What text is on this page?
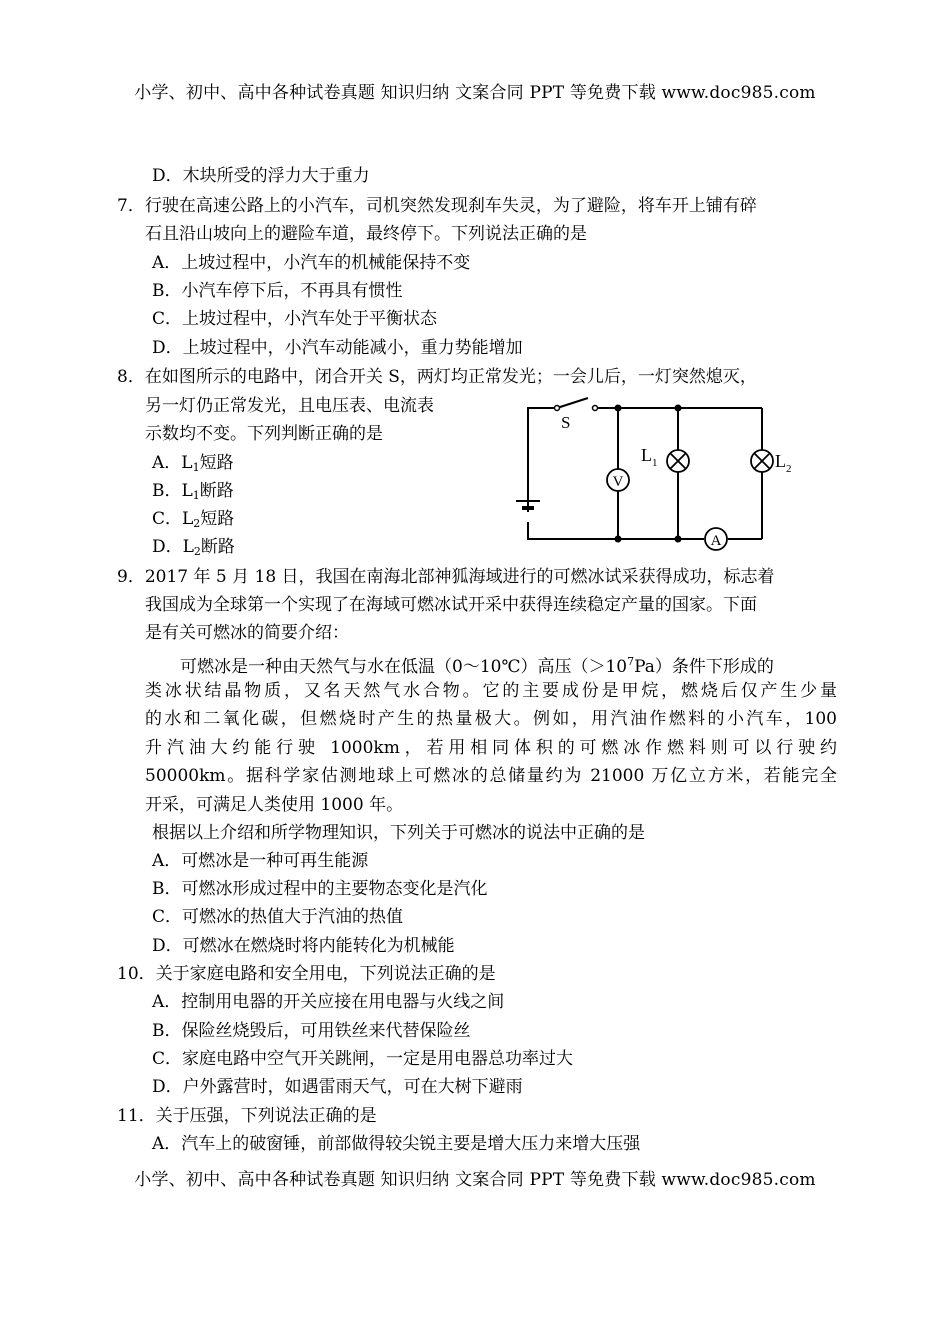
小学、初中、高中各种试卷真题 知识归纳 文案合同 PPT 等免费下载 www.doc985.com
D．木块所受的浮力大于重力
7．行驶在高速公路上的小汽车，司机突然发现刹车失灵，为了避险，将车开上铺有碎
石且沿山坡向上的避险车道，最终停下。下列说法正确的是
A．上坡过程中，小汽车的机械能保持不变
B．小汽车停下后，不再具有惯性
C．上坡过程中，小汽车处于平衡状态
D．上坡过程中，小汽车动能减小，重力势能增加
8．在如图所示的电路中，闭合开关 S，两灯均正常发光；一会儿后，一灯突然熄灭，
另一灯仍正常发光，且电压表、电流表
示数均不变。下列判断正确的是
A．$L_1$短路
B．$L_1$断路
C．$L_2$短路
D．$L_2$断路
V
A
S
$L_1$	$L_2$
9．2017 年 5 月 18 日，我国在南海北部神狐海域进行的可燃冰试采获得成功，标志着
我国成为全球第一个实现了在海域可燃冰试开采中获得连续稳定产量的国家。下面
是有关可燃冰的简要介绍：
可燃冰是一种由天然气与水在低温（0～10℃）高压$(>10^7Pa)$条件下形成的
类冰状结晶物质，又名天然气水合物。它的主要成份是甲烷，燃烧后仅产生少量
的水和二氧化碳，但燃烧时产生的热量极大。例如，用汽油作燃料的小汽车，100
升汽油大约能行驶 1000km，若用相同体积的可燃冰作燃料则可以行驶约
50000km。据科学家估测地球上可燃冰的总储量约为 21000 万亿立方米，若能完全
开采，可满足人类使用 1000 年。
根据以上介绍和所学物理知识，下列关于可燃冰的说法中正确的是
A．可燃冰是一种可再生能源
B．可燃冰形成过程中的主要物态变化是汽化
C．可燃冰的热值大于汽油的热值
D．可燃冰在燃烧时将内能转化为机械能
10．关于家庭电路和安全用电，下列说法正确的是
A．控制用电器的开关应接在用电器与火线之间
B．保险丝烧毁后，可用铁丝来代替保险丝
C．家庭电路中空气开关跳闸，一定是用电器总功率过大
D．户外露营时，如遇雷雨天气，可在大树下避雨
11．关于压强，下列说法正确的是
A．汽车上的破窗锤，前部做得较尖锐主要是增大压力来增大压强
小学、初中、高中各种试卷真题 知识归纳 文案合同 PPT 等免费下载 www.doc985.com
